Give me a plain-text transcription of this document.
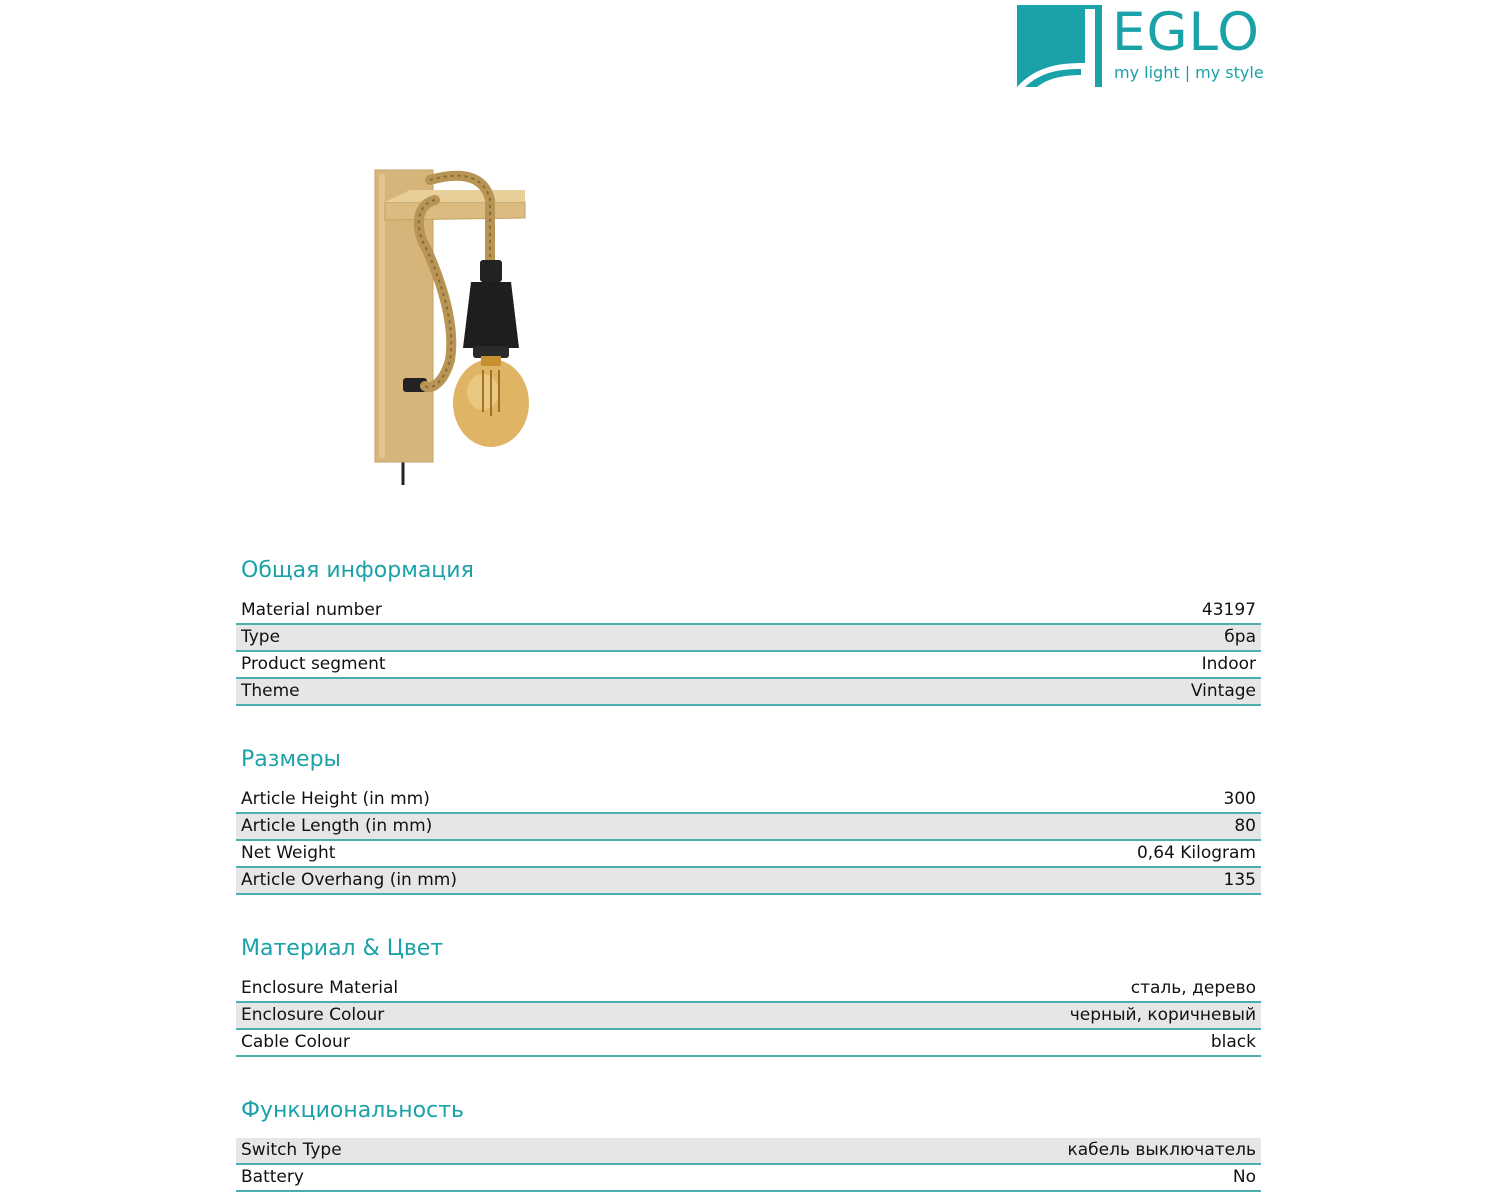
EGLO
my light | my style
Общая информация
Material number	43197
Type	бра
Product segment	Indoor
Theme	Vintage
Размеры
Article Height (in mm)	300
Article Length (in mm)	80
Net Weight	0,64 Kilogram
Article Overhang (in mm)	135
Материал & Цвет
Enclosure Material	сталь, дерево
Enclosure Colour	черный, коричневый
Cable Colour	black
Функциональность
Switch Type	кабель выключатель
Battery	No
